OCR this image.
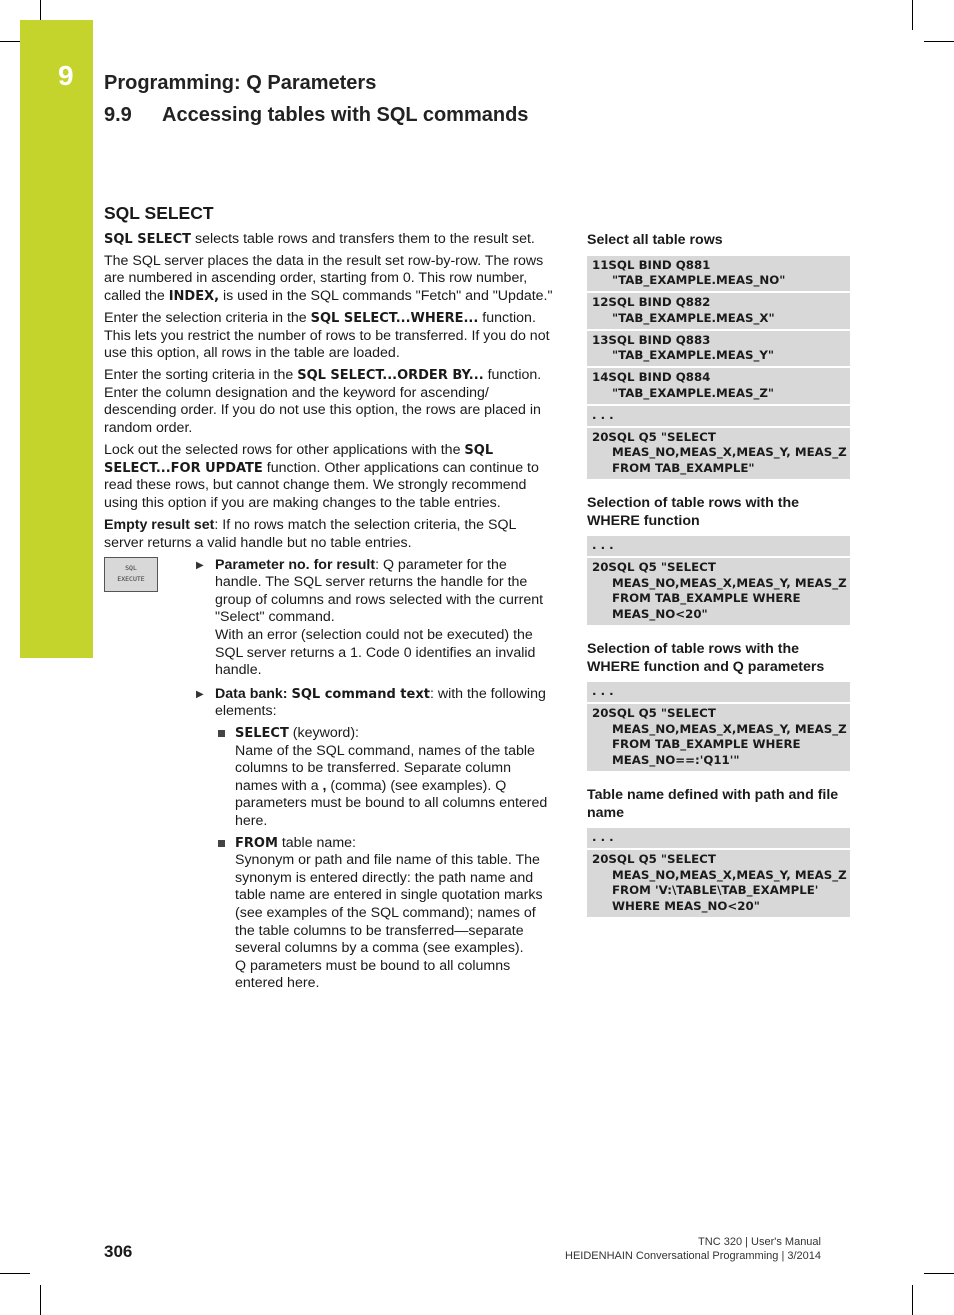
9 Programming: Q Parameters
9.9 Accessing tables with SQL commands
SQL SELECT

SQL SELECT selects table rows and transfers them to the result set.

The SQL server places the data in the result set row-by-row. The rows are numbered in ascending order, starting from 0. This row number, called the INDEX, is used in the SQL commands "Fetch" and "Update."

Enter the selection criteria in the SQL SELECT...WHERE... function. This lets you restrict the number of rows to be transferred. If you do not use this option, all rows in the table are loaded.

Enter the sorting criteria in the SQL SELECT...ORDER BY... function. Enter the column designation and the keyword for ascending/ descending order. If you do not use this option, the rows are placed in random order.

Lock out the selected rows for other applications with the SQL SELECT...FOR UPDATE function. Other applications can continue to read these rows, but cannot change them. We strongly recommend using this option if you are making changes to the table entries.

Empty result set: If no rows match the selection criteria, the SQL server returns a valid handle but no table entries.

SQL
EXECUTE
▶ Parameter no. for result: Q parameter for the handle. The SQL server returns the handle for the group of columns and rows selected with the current "Select" command.
With an error (selection could not be executed) the SQL server returns a 1. Code 0 identifies an invalid handle.
▶ Data bank: SQL command text: with the following elements:
SELECT (keyword):
Name of the SQL command, names of the table columns to be transferred. Separate column names with a , (comma) (see examples). Q parameters must be bound to all columns entered here.
FROM table name:
Synonym or path and file name of this table. The synonym is entered directly: the path name and table name are entered in single quotation marks (see examples of the SQL command); names of the table columns to be transferred—separate several columns by a comma (see examples).
Q parameters must be bound to all columns entered here.
Select all table rows
11SQL BIND Q881
"TAB_EXAMPLE.MEAS_NO"
12SQL BIND Q882
"TAB_EXAMPLE.MEAS_X"
13SQL BIND Q883
"TAB_EXAMPLE.MEAS_Y"
14SQL BIND Q884
"TAB_EXAMPLE.MEAS_Z"
. . .
20SQL Q5 "SELECT
MEAS_NO,MEAS_X,MEAS_Y, MEAS_Z
FROM TAB_EXAMPLE"
Selection of table rows with the WHERE function
. . .
20SQL Q5 "SELECT
MEAS_NO,MEAS_X,MEAS_Y, MEAS_Z
FROM TAB_EXAMPLE WHERE
MEAS_NO<20"
Selection of table rows with the WHERE function and Q parameters
. . .
20SQL Q5 "SELECT
MEAS_NO,MEAS_X,MEAS_Y, MEAS_Z
FROM TAB_EXAMPLE WHERE
MEAS_NO==:'Q11'"
Table name defined with path and file name
. . .
20SQL Q5 "SELECT
MEAS_NO,MEAS_X,MEAS_Y, MEAS_Z
FROM 'V:\TABLE\TAB_EXAMPLE'
WHERE MEAS_NO<20"
306	TNC 320 | User's Manual
HEIDENHAIN Conversational Programming | 3/2014
